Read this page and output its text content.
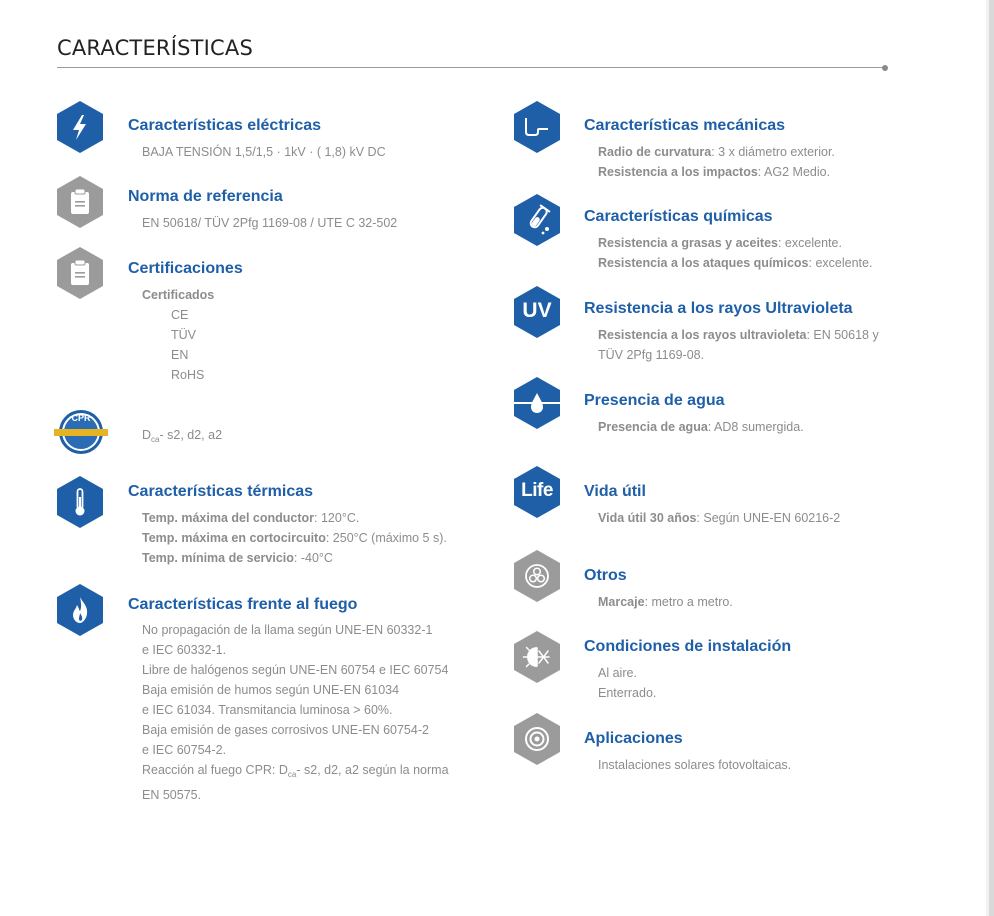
CARACTERÍSTICAS
Características eléctricas
BAJA TENSIÓN 1,5/1,5 · 1kV · ( 1,8) kV DC
Norma de referencia
EN 50618/ TÜV 2Pfg 1169-08 / UTE C 32-502
Certificaciones
Certificados
CE
TÜV
EN
RoHS
CPR
$D_{ca}-$ s2, d2, a2
Características térmicas
Temp. máxima del conductor: 120°C.
Temp. máxima en cortocircuito: 250°C (máximo 5 s).
Temp. mínima de servicio: -40°C
Características frente al fuego
No propagación de la llama según UNE-EN 60332-1
e IEC 60332-1.
Libre de halógenos según UNE-EN 60754 e IEC 60754
Baja emisión de humos según UNE-EN 61034
e IEC 61034. Transmitancia luminosa > 60%.
Baja emisión de gases corrosivos UNE-EN 60754-2
e IEC 60754-2.
Reacción al fuego CPR: $D_{ca}-$ s2, d2, a2 según la norma
EN 50575.
Características mecánicas
Radio de curvatura: 3 x diámetro exterior.
Resistencia a los impactos: AG2 Medio.
Características químicas
Resistencia a grasas y aceites: excelente.
Resistencia a los ataques químicos: excelente.
UV	Resistencia a los rayos Ultravioleta
Resistencia a los rayos ultravioleta: EN 50618 y
TÜV 2Pfg 1169-08.
Presencia de agua
Presencia de agua: AD8 sumergida.
Life	Vida útil
Vida útil 30 años: Según UNE-EN 60216-2
Otros
Marcaje: metro a metro.
Condiciones de instalación
Al aire.
Enterrado.
Aplicaciones
Instalaciones solares fotovoltaicas.
